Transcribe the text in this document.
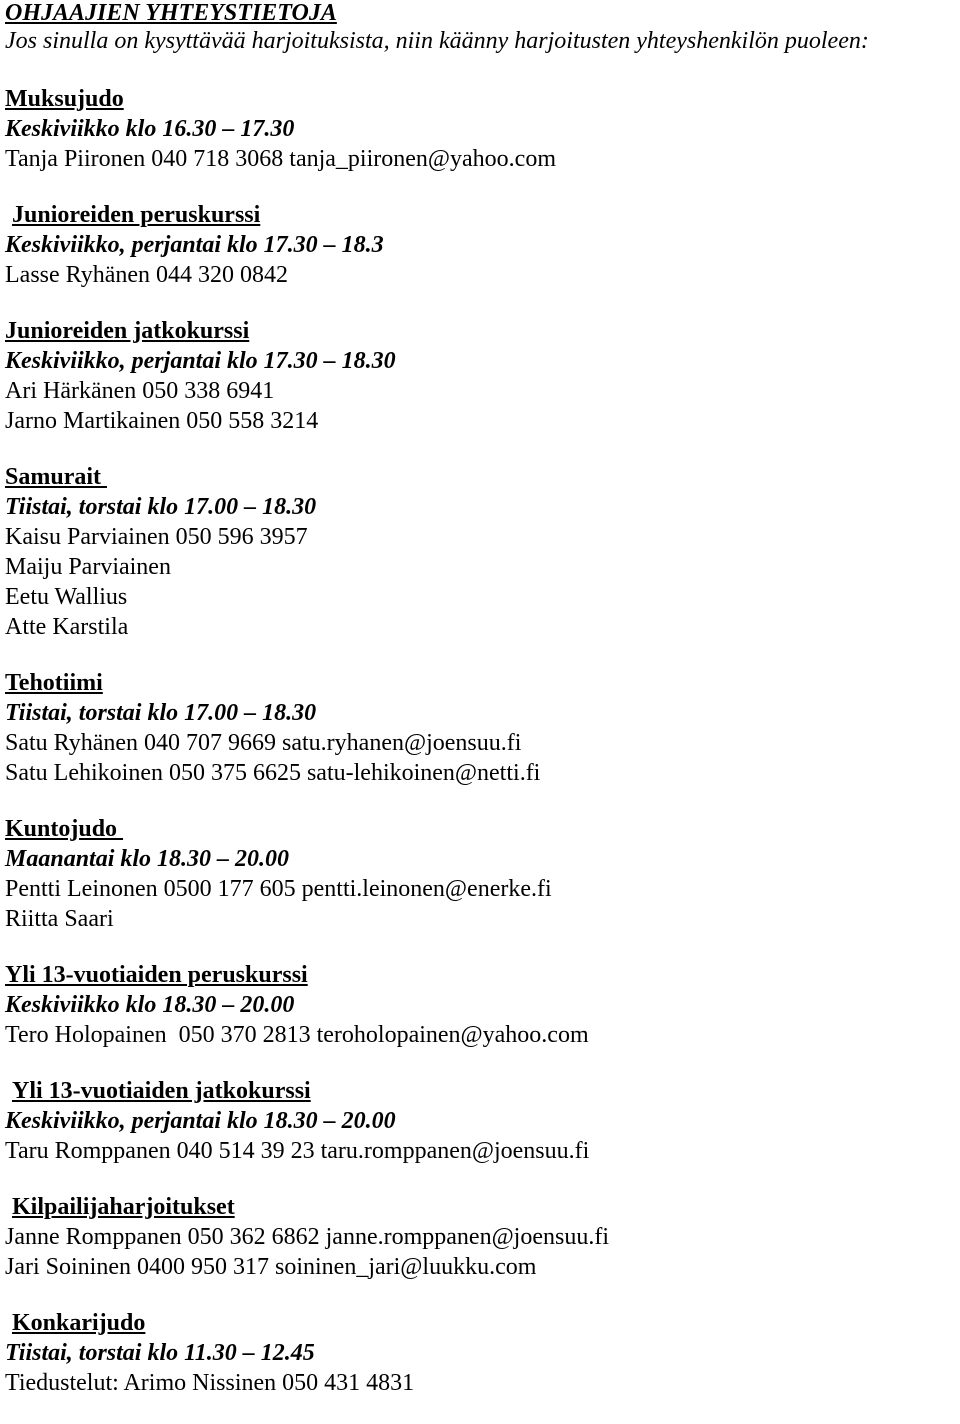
OHJAAJIEN YHTEYSTIETOJA
Jos sinulla on kysyttävää harjoituksista, niin käänny harjoitusten yhteyshenkilön puoleen:
Muksujudo
Keskiviikko klo 16.30 – 17.30
Tanja Piironen 040 718 3068 tanja_piironen@yahoo.com
Junioreiden peruskurssi
Keskiviikko, perjantai klo 17.30 – 18.3
Lasse Ryhänen 044 320 0842
Junioreiden jatkokurssi
Keskiviikko, perjantai klo 17.30 – 18.30
Ari Härkänen 050 338 6941
Jarno Martikainen 050 558 3214
Samurait
Tiistai, torstai klo 17.00 – 18.30
Kaisu Parviainen 050 596 3957
Maiju Parviainen
Eetu Wallius
Atte Karstila
Tehotiimi
Tiistai, torstai klo 17.00 – 18.30
Satu Ryhänen 040 707 9669 satu.ryhanen@joensuu.fi
Satu Lehikoinen 050 375 6625 satu-lehikoinen@netti.fi
Kuntojudo
Maanantai klo 18.30 – 20.00
Pentti Leinonen 0500 177 605 pentti.leinonen@enerke.fi
Riitta Saari
Yli 13-vuotiaiden peruskurssi
Keskiviikko klo 18.30 – 20.00
Tero Holopainen  050 370 2813 teroholopainen@yahoo.com
Yli 13-vuotiaiden jatkokurssi
Keskiviikko, perjantai klo 18.30 – 20.00
Taru Romppanen 040 514 39 23 taru.romppanen@joensuu.fi
Kilpailijaharjoitukset
Janne Romppanen 050 362 6862 janne.romppanen@joensuu.fi
Jari Soininen 0400 950 317 soininen_jari@luukku.com
Konkarijudo
Tiistai, torstai klo 11.30 – 12.45
Tiedustelut: Arimo Nissinen 050 431 4831
